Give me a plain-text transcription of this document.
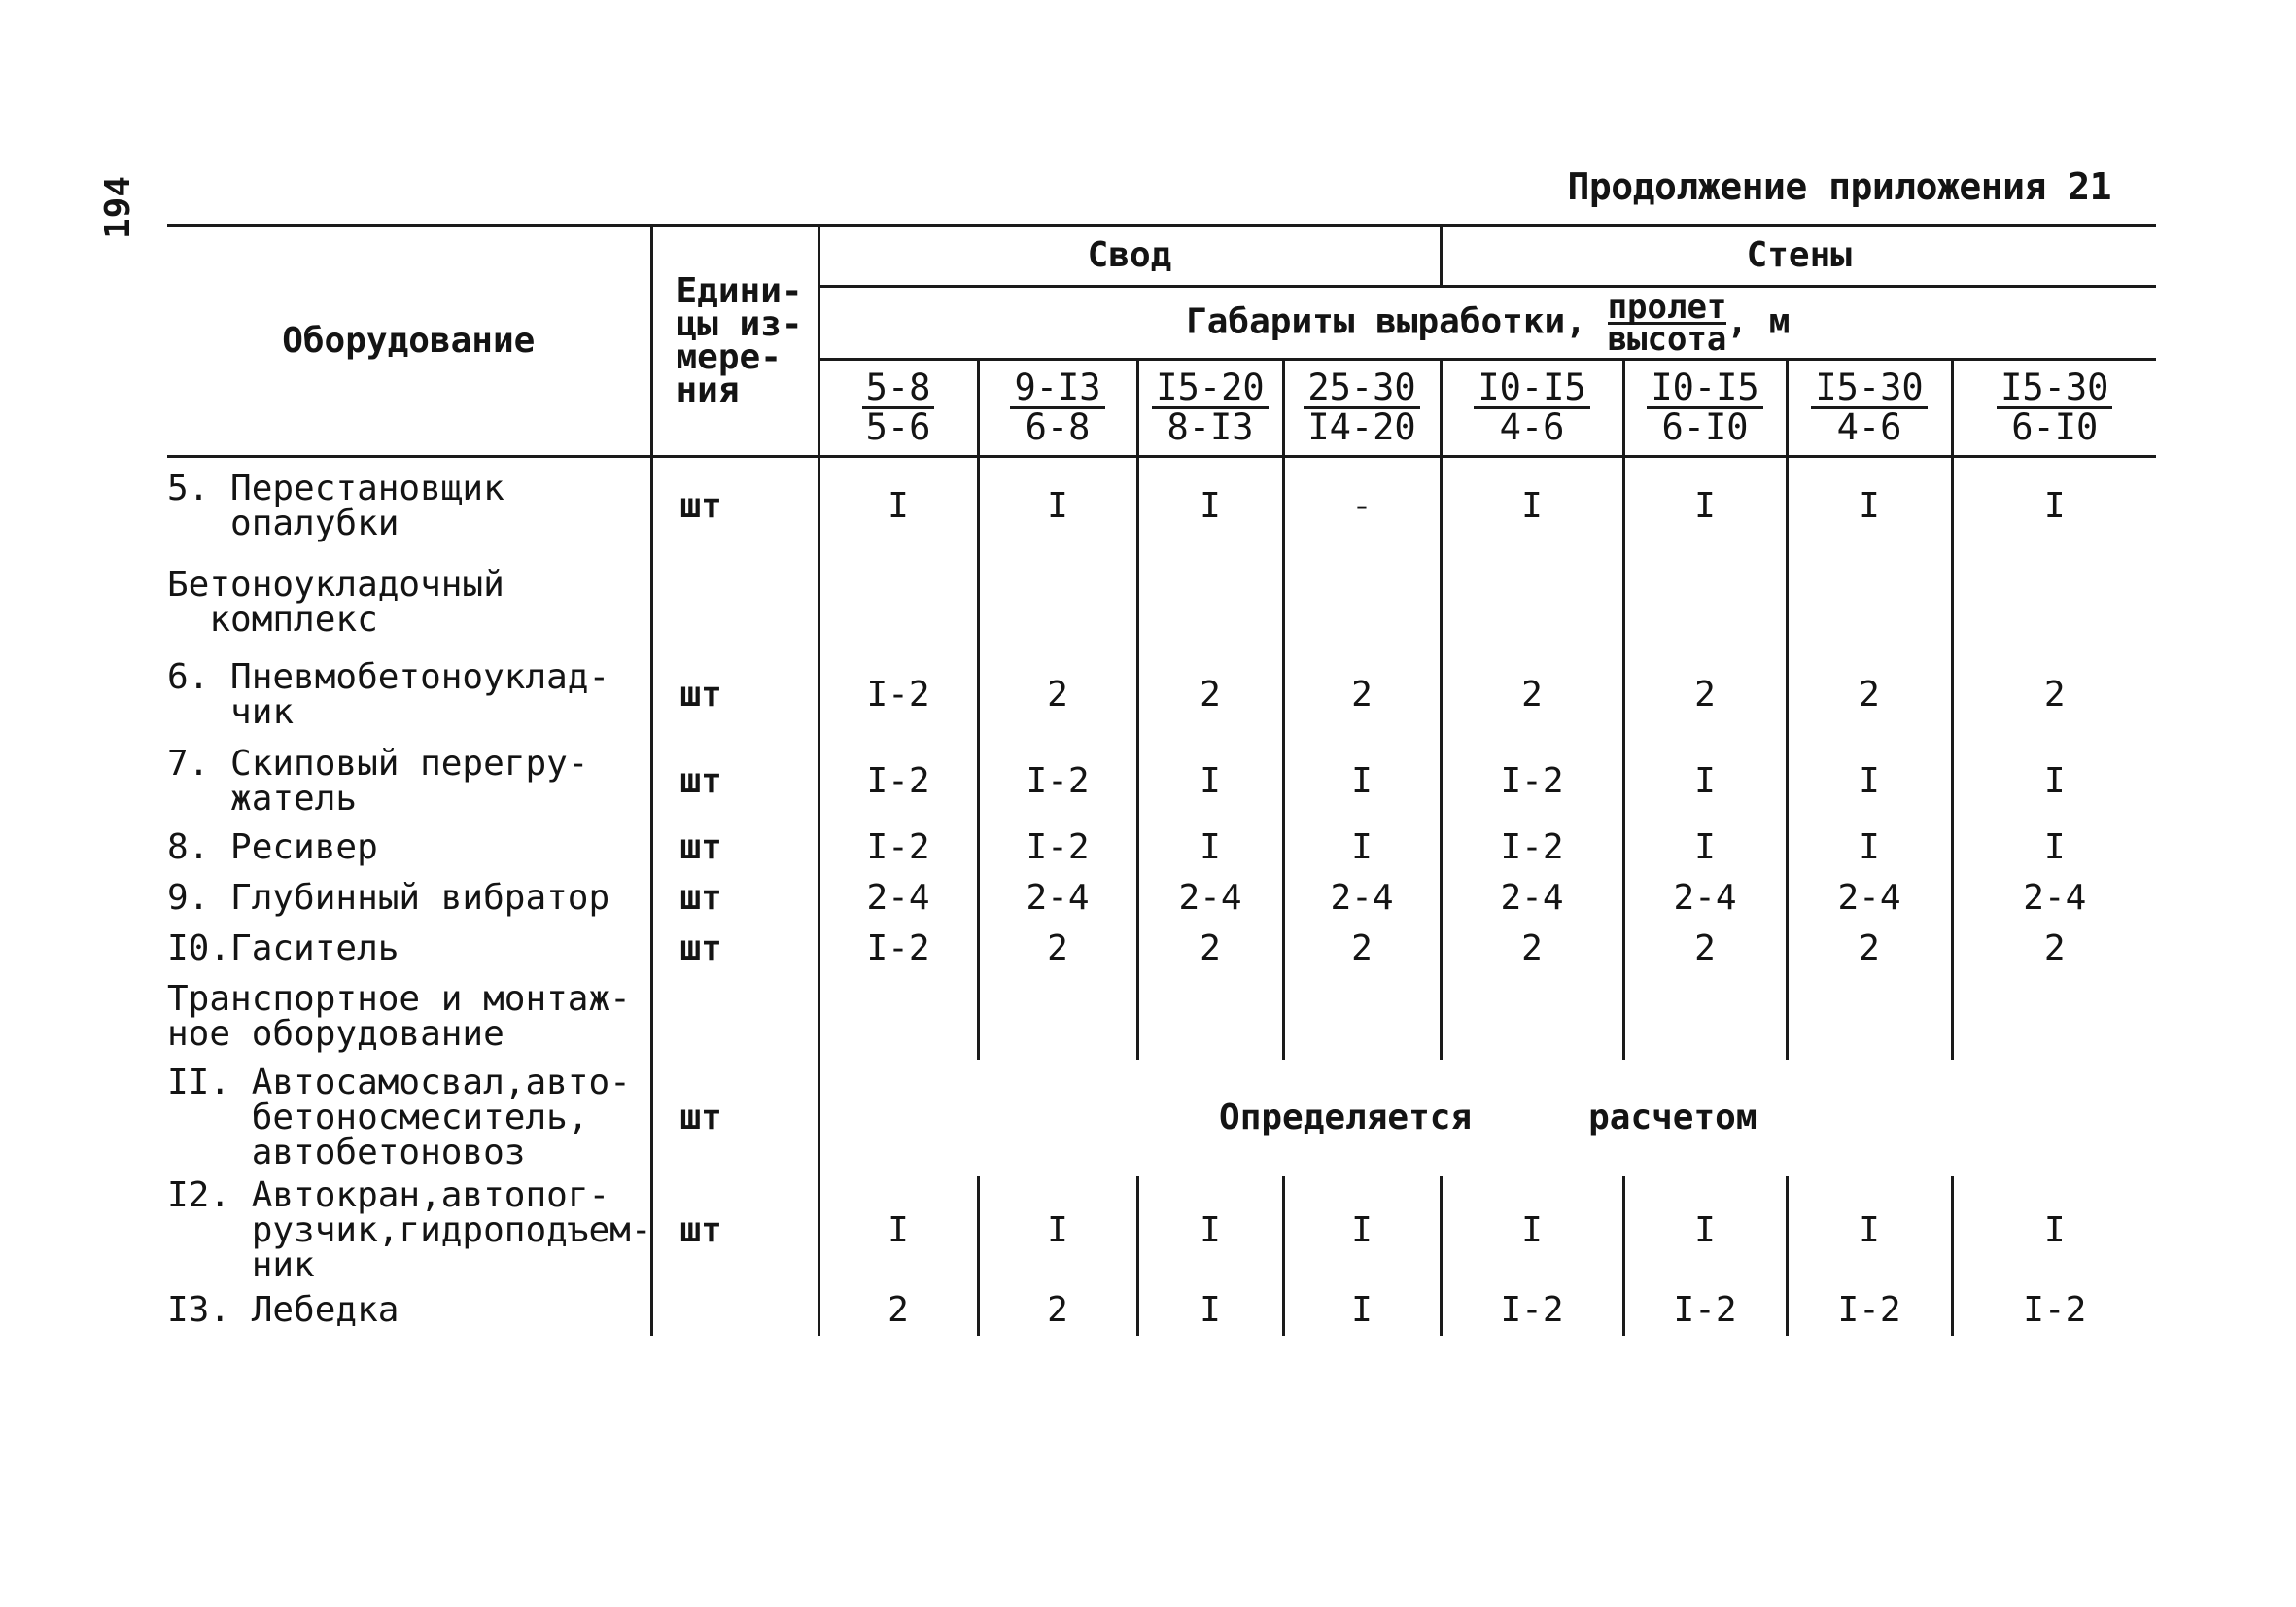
194	Продолжение приложения 21
Оборудование	Едини-
цы из-
мере-
ния	Свод				Стены			
		Габариты выработки, $\frac{\text{пролет}}{\text{высота}}$ , м							

		$\frac{5-8}{5-6}$	$\frac{9-I3}{6-8}$	$\frac{I5-20}{8-I3}$	$\frac{25-30}{I4-20}$	$\frac{I0-I5}{4-6}$	$\frac{I0-I5}{6-I0}$	$\frac{I5-30}{4-6}$	$\frac{I5-30}{6-I0}$

5. Перестановщик
опалубки	шт	I	I	I	-	I	I	I	I
Бетоноукладочный
комплекс									
6. Пневмобетоноуклад-
чик	шт	I-2	2	2	2	2	2	2	2
7. Скиповый перегру-
жатель	шт	I-2	I-2	I	I	I-2	I	I	I
8. Ресивер	шт	I-2	I-2	I	I	I-2	I	I	I
9. Глубинный вибратор	шт	2-4	2-4	2-4	2-4	2-4	2-4	2-4	2-4
I0.Гаситель	шт	I-2	2	2	2	2	2	2	2
Транспортное и монтаж-
ное оборудование									
II. Автосамосвал,авто-
бетоносмеситель,
автобетоновоз	шт	Определяется расчетом							
I2. Автокран,автопог-
рузчик,гидроподъем-
ник	шт	I	I	I	I	I	I	I	I
I3. Лебедка		2	2	I	I	I-2	I-2	I-2	I-2
